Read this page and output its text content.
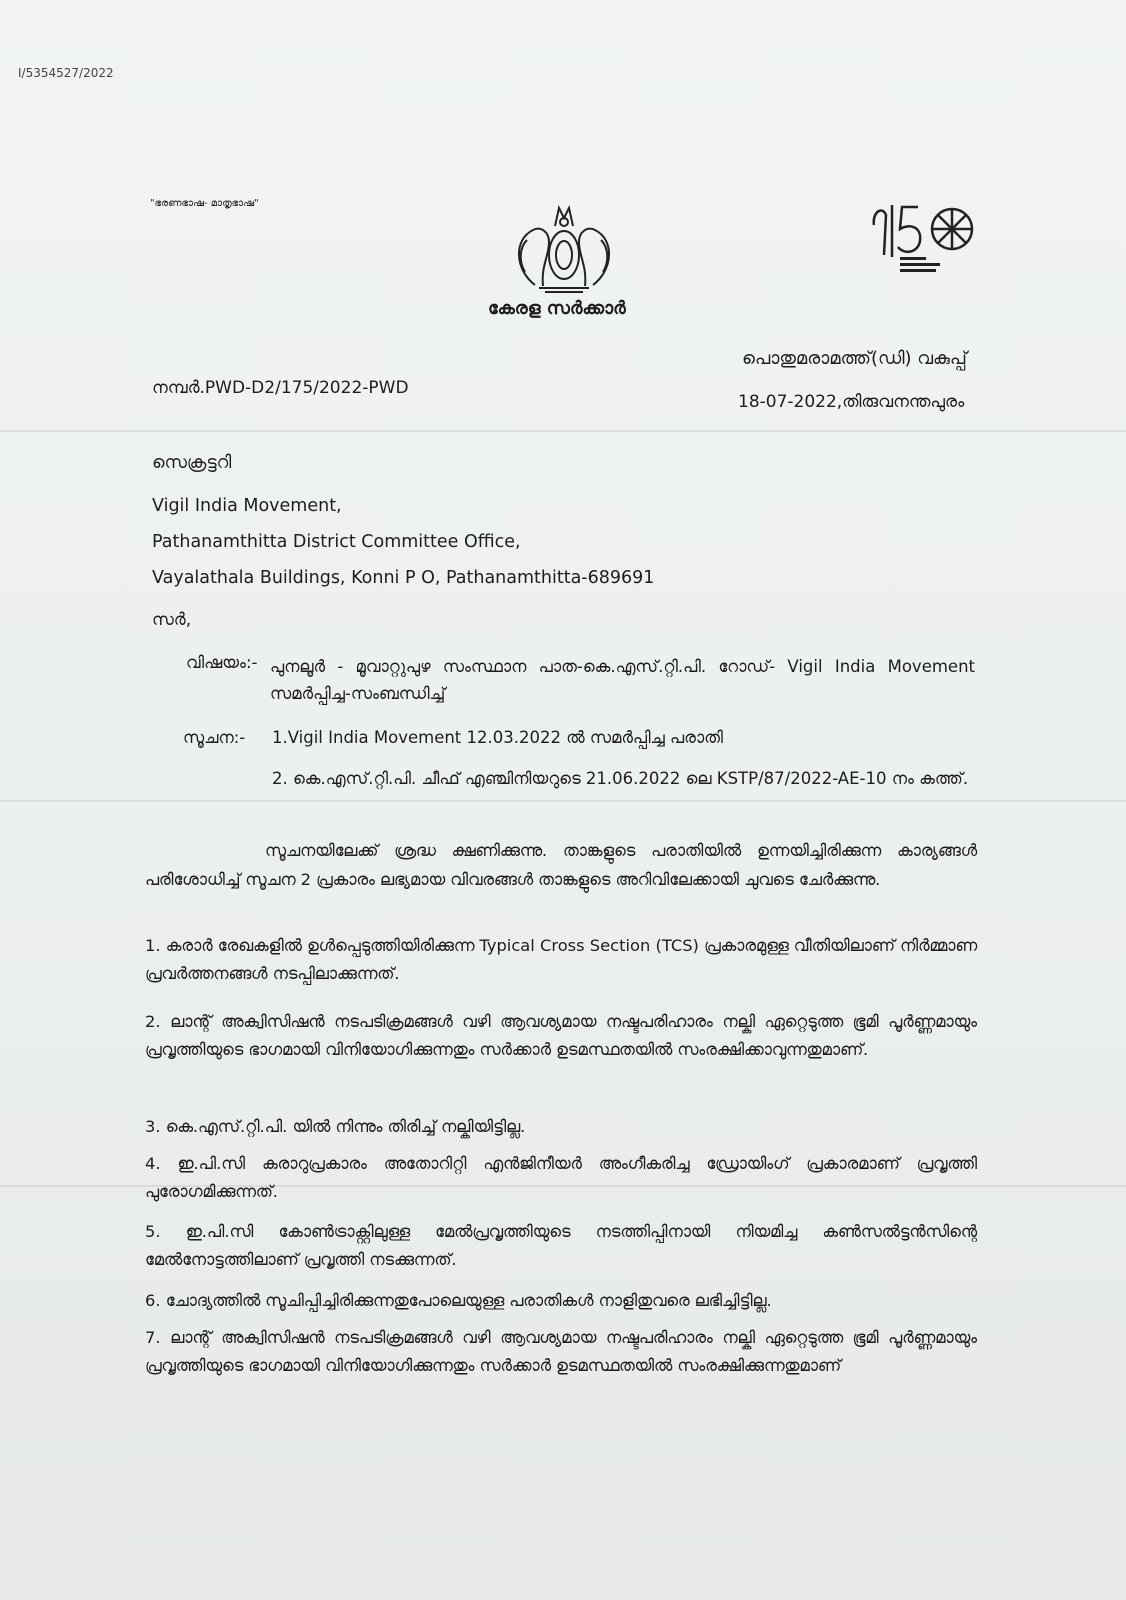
I/5354527/2022
"ഭരണഭാഷ- മാതൃഭാഷ"
കേരള സർക്കാർ
പൊതുമരാമത്ത്(ഡി) വകുപ്പ്
നമ്പർ.PWD-D2/175/2022-PWD
18-07-2022,തിരുവനന്തപുരം
സെക്രട്ടറി
Vigil India Movement,
Pathanamthitta District Committee Office,
Vayalathala Buildings, Konni P O, Pathanamthitta-689691
സർ,
വിഷയം:- പുനലൂർ - മൂവാറ്റുപുഴ സംസ്ഥാന പാത-കെ.എസ്.റ്റി.പി. റോഡ്- Vigil India Movement സമർപ്പിച്ച-സംബന്ധിച്ച്
സൂചന:- 1.Vigil India Movement 12.03.2022 ൽ സമർപ്പിച്ച പരാതി
2. കെ.എസ്.റ്റി.പി. ചീഫ് എഞ്ചിനിയറുടെ 21.06.2022 ലെ KSTP/87/2022-AE-10 നം കത്ത്.
സൂചനയിലേക്ക് ശ്രദ്ധ ക്ഷണിക്കുന്നു. താങ്കളുടെ പരാതിയിൽ ഉന്നയിച്ചിരിക്കുന്ന കാര്യങ്ങൾ പരിശോധിച്ച് സൂചന 2 പ്രകാരം ലഭ്യമായ വിവരങ്ങൾ താങ്കളുടെ അറിവിലേക്കായി ചുവടെ ചേർക്കുന്നു.
1. കരാർ രേഖകളിൽ ഉൾപ്പെടുത്തിയിരിക്കുന്ന Typical Cross Section (TCS) പ്രകാരമുള്ള വീതിയിലാണ് നിർമ്മാണ പ്രവർത്തനങ്ങൾ നടപ്പിലാക്കുന്നത്.
2. ലാന്റ് അക്വിസിഷൻ നടപടിക്രമങ്ങൾ വഴി ആവശ്യമായ നഷ്ടപരിഹാരം നല്കി ഏറ്റെടുത്ത ഭൂമി പൂർണ്ണമായും പ്രവൃത്തിയുടെ ഭാഗമായി വിനിയോഗിക്കുന്നതും സർക്കാർ ഉടമസ്ഥതയിൽ സംരക്ഷിക്കാവുന്നതുമാണ്.
3. കെ.എസ്.റ്റി.പി. യിൽ നിന്നും തിരിച്ച് നല്കിയിട്ടില്ല.
4. ഇ.പി.സി കരാറുപ്രകാരം അതോറിറ്റി എൻജിനീയർ അംഗീകരിച്ച ഡ്രോയിംഗ് പ്രകാരമാണ് പ്രവൃത്തി പുരോഗമിക്കുന്നത്.
5. ഇ.പി.സി കോൺട്രാക്റ്റിലുള്ള മേൽപ്രവൃത്തിയുടെ നടത്തിപ്പിനായി നിയമിച്ച കൺസൽട്ടൻസിന്റെ മേൽനോട്ടത്തിലാണ് പ്രവൃത്തി നടക്കുന്നത്.
6. ചോദ്യത്തിൽ സൂചിപ്പിച്ചിരിക്കുന്നതുപോലെയുള്ള പരാതികൾ നാളിതുവരെ ലഭിച്ചിട്ടില്ല.
7. ലാന്റ് അക്വിസിഷൻ നടപടിക്രമങ്ങൾ വഴി ആവശ്യമായ നഷ്ടപരിഹാരം നല്കി ഏറ്റെടുത്ത ഭൂമി പൂർണ്ണമായും പ്രവൃത്തിയുടെ ഭാഗമായി വിനിയോഗിക്കുന്നതും സർക്കാർ ഉടമസ്ഥതയിൽ സംരക്ഷിക്കുന്നതുമാണ്
